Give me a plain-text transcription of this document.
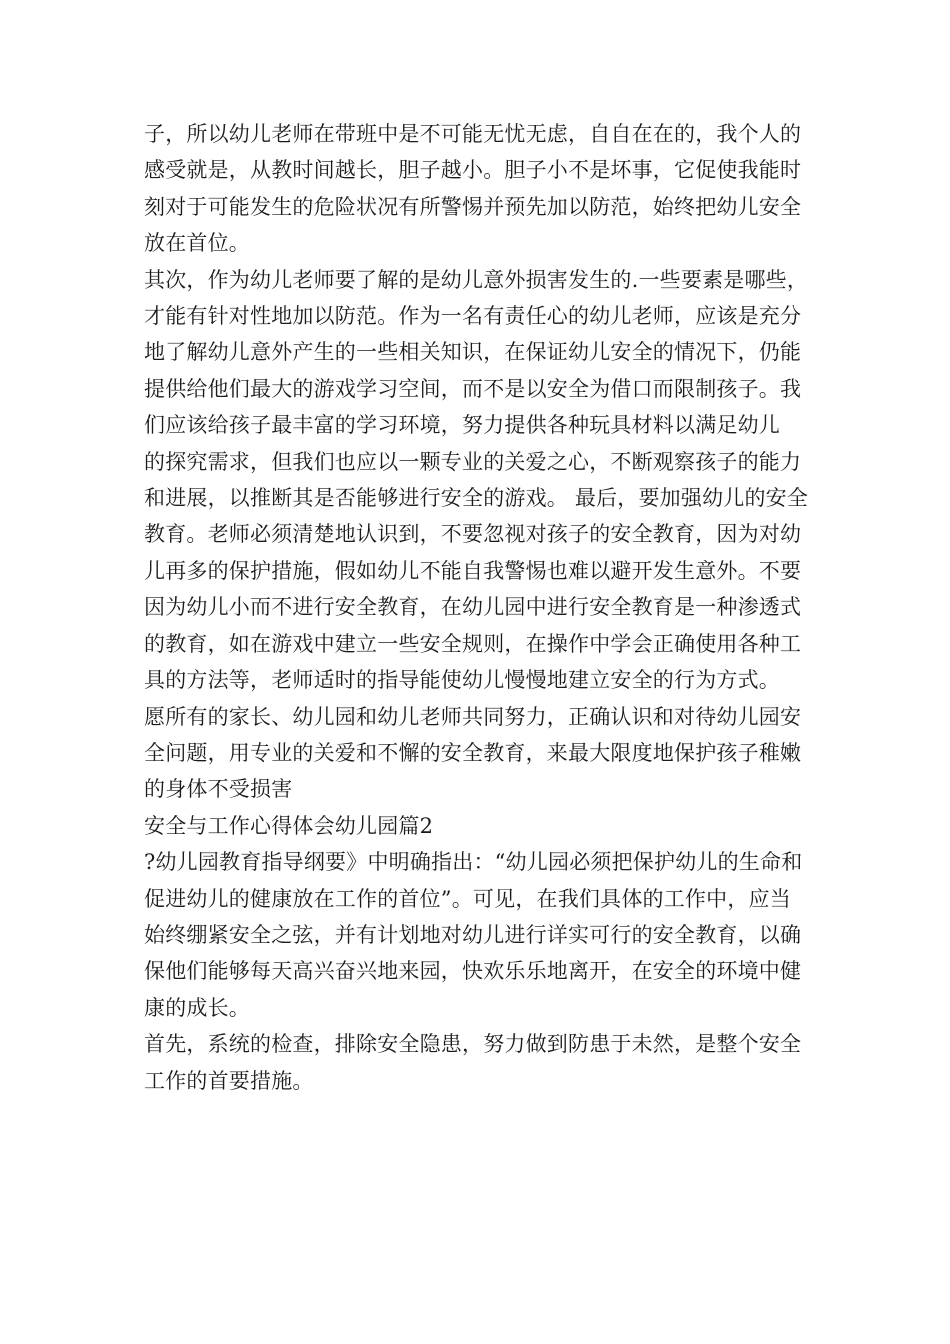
子，所以幼儿老师在带班中是不可能无忧无虑，自自在在的，我个人的感受就是，从教时间越长，胆子越小。胆子小不是坏事，它促使我能时刻对于可能发生的危险状况有所警惕并预先加以防范，始终把幼儿安全放在首位。

其次，作为幼儿老师要了解的是幼儿意外损害发生的.一些要素是哪些，才能有针对性地加以防范。作为一名有责任心的幼儿老师，应该是充分地了解幼儿意外产生的一些相关知识，在保证幼儿安全的情况下，仍能提供给他们最大的游戏学习空间，而不是以安全为借口而限制孩子。我们应该给孩子最丰富的学习环境，努力提供各种玩具材料以满足幼儿

的探究需求，但我们也应以一颗专业的关爱之心，不断观察孩子的能力和进展，以推断其是否能够进行安全的游戏。 最后，要加强幼儿的安全教育。老师必须清楚地认识到，不要忽视对孩子的安全教育，因为对幼儿再多的保护措施，假如幼儿不能自我警惕也难以避开发生意外。不要因为幼儿小而不进行安全教育，在幼儿园中进行安全教育是一种渗透式的教育，如在游戏中建立一些安全规则，在操作中学会正确使用各种工具的方法等，老师适时的指导能使幼儿慢慢地建立安全的行为方式。

愿所有的家长、幼儿园和幼儿老师共同努力，正确认识和对待幼儿园安全问题，用专业的关爱和不懈的安全教育，来最大限度地保护孩子稚嫩的身体不受损害

安全与工作心得体会幼儿园篇2

?幼儿园教育指导纲要》中明确指出：“幼儿园必须把保护幼儿的生命和促进幼儿的健康放在工作的首位”。可见，在我们具体的工作中，应当始终绷紧安全之弦，并有计划地对幼儿进行详实可行的安全教育，以确保他们能够每天高兴奋兴地来园，快欢乐乐地离开，在安全的环境中健康的成长。

首先，系统的检查，排除安全隐患，努力做到防患于未然，是整个安全工作的首要措施。
